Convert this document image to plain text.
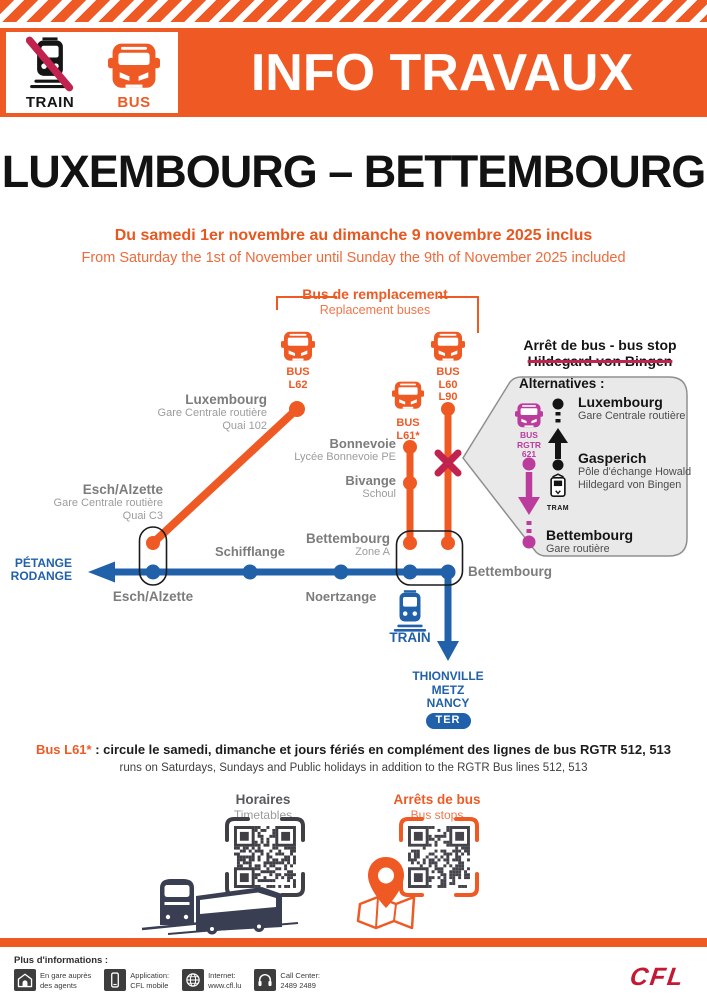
TRAIN	BUS
INFO TRAVAUX
LUXEMBOURG – BETTEMBOURG
Du samedi 1er novembre au dimanche 9 novembre 2025 inclus
From Saturday the 1st of November until Sunday the 9th of November 2025 included
Bus de remplacement
Replacement buses
BUS
L62
BUS
L60
L90
BUS
L61*
Luxembourg
Gare Centrale routière
Quai 102
Esch/Alzette
Gare Centrale routière
Quai C3
PÉTANGE
RODANGE
Schifflange
Esch/Alzette	Noertzange
Bonnevoie
Lycée Bonnevoie PE
Bivange
Schoul
Bettembourg
Zone A
Bettembourg
TRAIN
THIONVILLE
METZ
NANCY
TER
Arrêt de bus - bus stop
Hildegard von Bingen
Alternatives :
BUS
RGTR
621
TRAM
Luxembourg
Gare Centrale routière
Gasperich
Pôle d'échange Howald
Hildegard von Bingen
Bettembourg
Gare routière
Bus L61* : circule le samedi, dimanche et jours fériés en complément des lignes de bus RGTR 512, 513
runs on Saturdays, Sundays and Public holidays in addition to the RGTR Bus lines 512, 513
Horaires
Timetables
Arrêts de bus
Bus stops
Plus d'informations :
En gare auprès
des agents
Application:
CFL mobile
Internet:
www.cfl.lu
Call Center:
2489 2489	CFL
